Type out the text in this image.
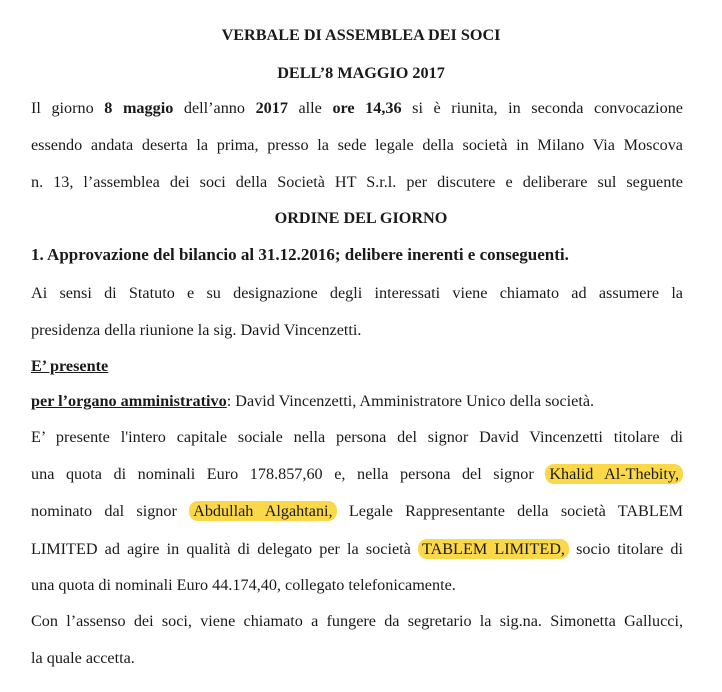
VERBALE DI ASSEMBLEA DEI SOCI
DELL’8 MAGGIO 2017
Il giorno 8 maggio dell’anno 2017 alle ore 14,36 si è riunita, in seconda convocazione
essendo andata deserta la prima, presso la sede legale della società in Milano Via Moscova
n. 13, l’assemblea dei soci della Società HT S.r.l. per discutere e deliberare sul seguente
ORDINE DEL GIORNO
1. Approvazione del bilancio al 31.12.2016; delibere inerenti e conseguenti.
Ai sensi di Statuto e su designazione degli interessati viene chiamato ad assumere la
presidenza della riunione la sig. David Vincenzetti.
E’ presente
per l’organo amministrativo: David Vincenzetti, Amministratore Unico della società.
E’ presente l'intero capitale sociale nella persona del signor David Vincenzetti titolare di
una quota di nominali Euro 178.857,60 e, nella persona del signor Khalid Al-Thebity,
nominato dal signor Abdullah Algahtani, Legale Rappresentante della società TABLEM
LIMITED ad agire in qualità di delegato per la società TABLEM LIMITED, socio titolare di
una quota di nominali Euro 44.174,40, collegato telefonicamente.
Con l’assenso dei soci, viene chiamato a fungere da segretario la sig.na. Simonetta Gallucci,
la quale accetta.
